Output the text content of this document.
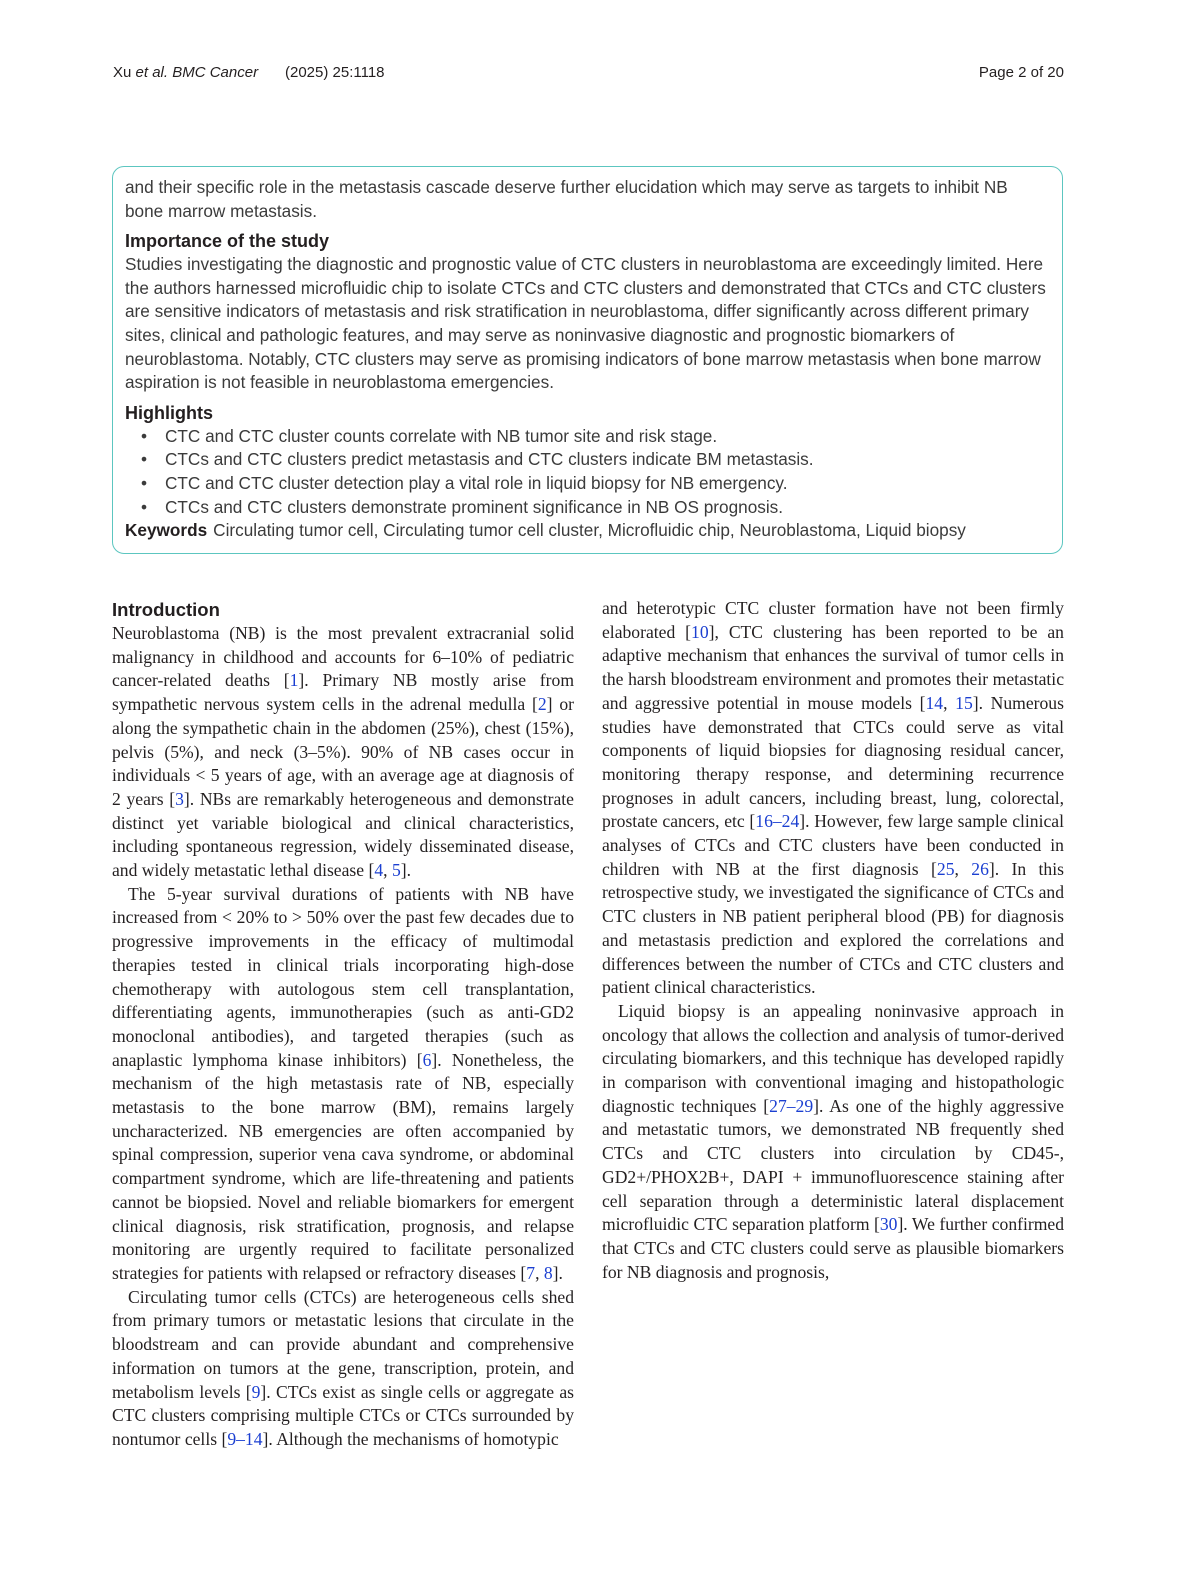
Xu et al. BMC Cancer (2025) 25:1118	Page 2 of 20

and their specific role in the metastasis cascade deserve further elucidation which may serve as targets to inhibit NB bone marrow metastasis.

Importance of the study

Studies investigating the diagnostic and prognostic value of CTC clusters in neuroblastoma are exceedingly limited. Here the authors harnessed microfluidic chip to isolate CTCs and CTC clusters and demonstrated that CTCs and CTC clusters are sensitive indicators of metastasis and risk stratification in neuroblastoma, differ significantly across different primary sites, clinical and pathologic features, and may serve as noninvasive diagnostic and prognostic biomarkers of neuroblastoma. Notably, CTC clusters may serve as promising indicators of bone marrow metastasis when bone marrow aspiration is not feasible in neuroblastoma emergencies.

Highlights
• CTC and CTC cluster counts correlate with NB tumor site and risk stage.
• CTCs and CTC clusters predict metastasis and CTC clusters indicate BM metastasis.
• CTC and CTC cluster detection play a vital role in liquid biopsy for NB emergency.
• CTCs and CTC clusters demonstrate prominent significance in NB OS prognosis.

Keywords Circulating tumor cell, Circulating tumor cell cluster, Microfluidic chip, Neuroblastoma, Liquid biopsy

Introduction

Neuroblastoma (NB) is the most prevalent extracranial solid malignancy in childhood and accounts for 6–10% of pediatric cancer-related deaths [1]. Primary NB mostly arise from sympathetic nervous system cells in the adrenal medulla [2] or along the sympathetic chain in the abdomen (25%), chest (15%), pelvis (5%), and neck (3–5%). 90% of NB cases occur in individuals < 5 years of age, with an average age at diagnosis of 2 years [3]. NBs are remarkably heterogeneous and demonstrate distinct yet variable biological and clinical characteristics, including spontaneous regression, widely disseminated disease, and widely metastatic lethal disease [4, 5].

The 5-year survival durations of patients with NB have increased from < 20% to > 50% over the past few decades due to progressive improvements in the efficacy of multimodal therapies tested in clinical trials incorporating high-dose chemotherapy with autologous stem cell transplantation, differentiating agents, immunotherapies (such as anti-GD2 monoclonal antibodies), and targeted therapies (such as anaplastic lymphoma kinase inhibitors) [6]. Nonetheless, the mechanism of the high metastasis rate of NB, especially metastasis to the bone marrow (BM), remains largely uncharacterized. NB emergencies are often accompanied by spinal compression, superior vena cava syndrome, or abdominal compartment syndrome, which are life-threatening and patients cannot be biopsied. Novel and reliable biomarkers for emergent clinical diagnosis, risk stratification, prognosis, and relapse monitoring are urgently required to facilitate personalized strategies for patients with relapsed or refractory diseases [7, 8].

Circulating tumor cells (CTCs) are heterogeneous cells shed from primary tumors or metastatic lesions that circulate in the bloodstream and can provide abundant and comprehensive information on tumors at the gene, transcription, protein, and metabolism levels [9]. CTCs exist as single cells or aggregate as CTC clusters comprising multiple CTCs or CTCs surrounded by nontumor cells [9–14]. Although the mechanisms of homotypic

and heterotypic CTC cluster formation have not been firmly elaborated [10], CTC clustering has been reported to be an adaptive mechanism that enhances the survival of tumor cells in the harsh bloodstream environment and promotes their metastatic and aggressive potential in mouse models [14, 15]. Numerous studies have demonstrated that CTCs could serve as vital components of liquid biopsies for diagnosing residual cancer, monitoring therapy response, and determining recurrence prognoses in adult cancers, including breast, lung, colorectal, prostate cancers, etc [16–24]. However, few large sample clinical analyses of CTCs and CTC clusters have been conducted in children with NB at the first diagnosis [25, 26]. In this retrospective study, we investigated the significance of CTCs and CTC clusters in NB patient peripheral blood (PB) for diagnosis and metastasis prediction and explored the correlations and differences between the number of CTCs and CTC clusters and patient clinical characteristics.

Liquid biopsy is an appealing noninvasive approach in oncology that allows the collection and analysis of tumor-derived circulating biomarkers, and this technique has developed rapidly in comparison with conventional imaging and histopathologic diagnostic techniques [27–29]. As one of the highly aggressive and metastatic tumors, we demonstrated NB frequently shed CTCs and CTC clusters into circulation by CD45-, GD2+/PHOX2B+, DAPI + immunofluorescence staining after cell separation through a deterministic lateral displacement microfluidic CTC separation platform [30]. We further confirmed that CTCs and CTC clusters could serve as plausible biomarkers for NB diagnosis and prognosis,
